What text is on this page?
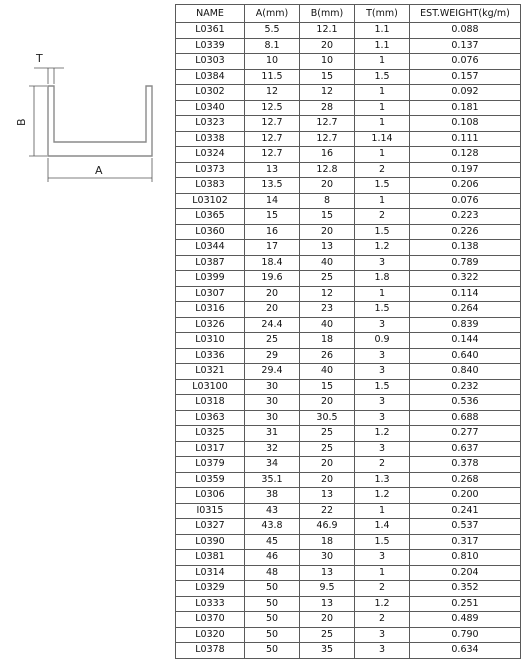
T
B
A
NAME	A(mm)	B(mm)	T(mm)	EST.WEIGHT(kg/m)
L0361	5.5	12.1	1.1	0.088
L0339	8.1	20	1.1	0.137
L0303	10	10	1	0.076
L0384	11.5	15	1.5	0.157
L0302	12	12	1	0.092
L0340	12.5	28	1	0.181
L0323	12.7	12.7	1	0.108
L0338	12.7	12.7	1.14	0.111
L0324	12.7	16	1	0.128
L0373	13	12.8	2	0.197
L0383	13.5	20	1.5	0.206
L03102	14	8	1	0.076
L0365	15	15	2	0.223
L0360	16	20	1.5	0.226
L0344	17	13	1.2	0.138
L0387	18.4	40	3	0.789
L0399	19.6	25	1.8	0.322
L0307	20	12	1	0.114
L0316	20	23	1.5	0.264
L0326	24.4	40	3	0.839
L0310	25	18	0.9	0.144
L0336	29	26	3	0.640
L0321	29.4	40	3	0.840
L03100	30	15	1.5	0.232
L0318	30	20	3	0.536
L0363	30	30.5	3	0.688
L0325	31	25	1.2	0.277
L0317	32	25	3	0.637
L0379	34	20	2	0.378
L0359	35.1	20	1.3	0.268
L0306	38	13	1.2	0.200
I0315	43	22	1	0.241
L0327	43.8	46.9	1.4	0.537
L0390	45	18	1.5	0.317
L0381	46	30	3	0.810
L0314	48	13	1	0.204
L0329	50	9.5	2	0.352
L0333	50	13	1.2	0.251
L0370	50	20	2	0.489
L0320	50	25	3	0.790
L0378	50	35	3	0.634
